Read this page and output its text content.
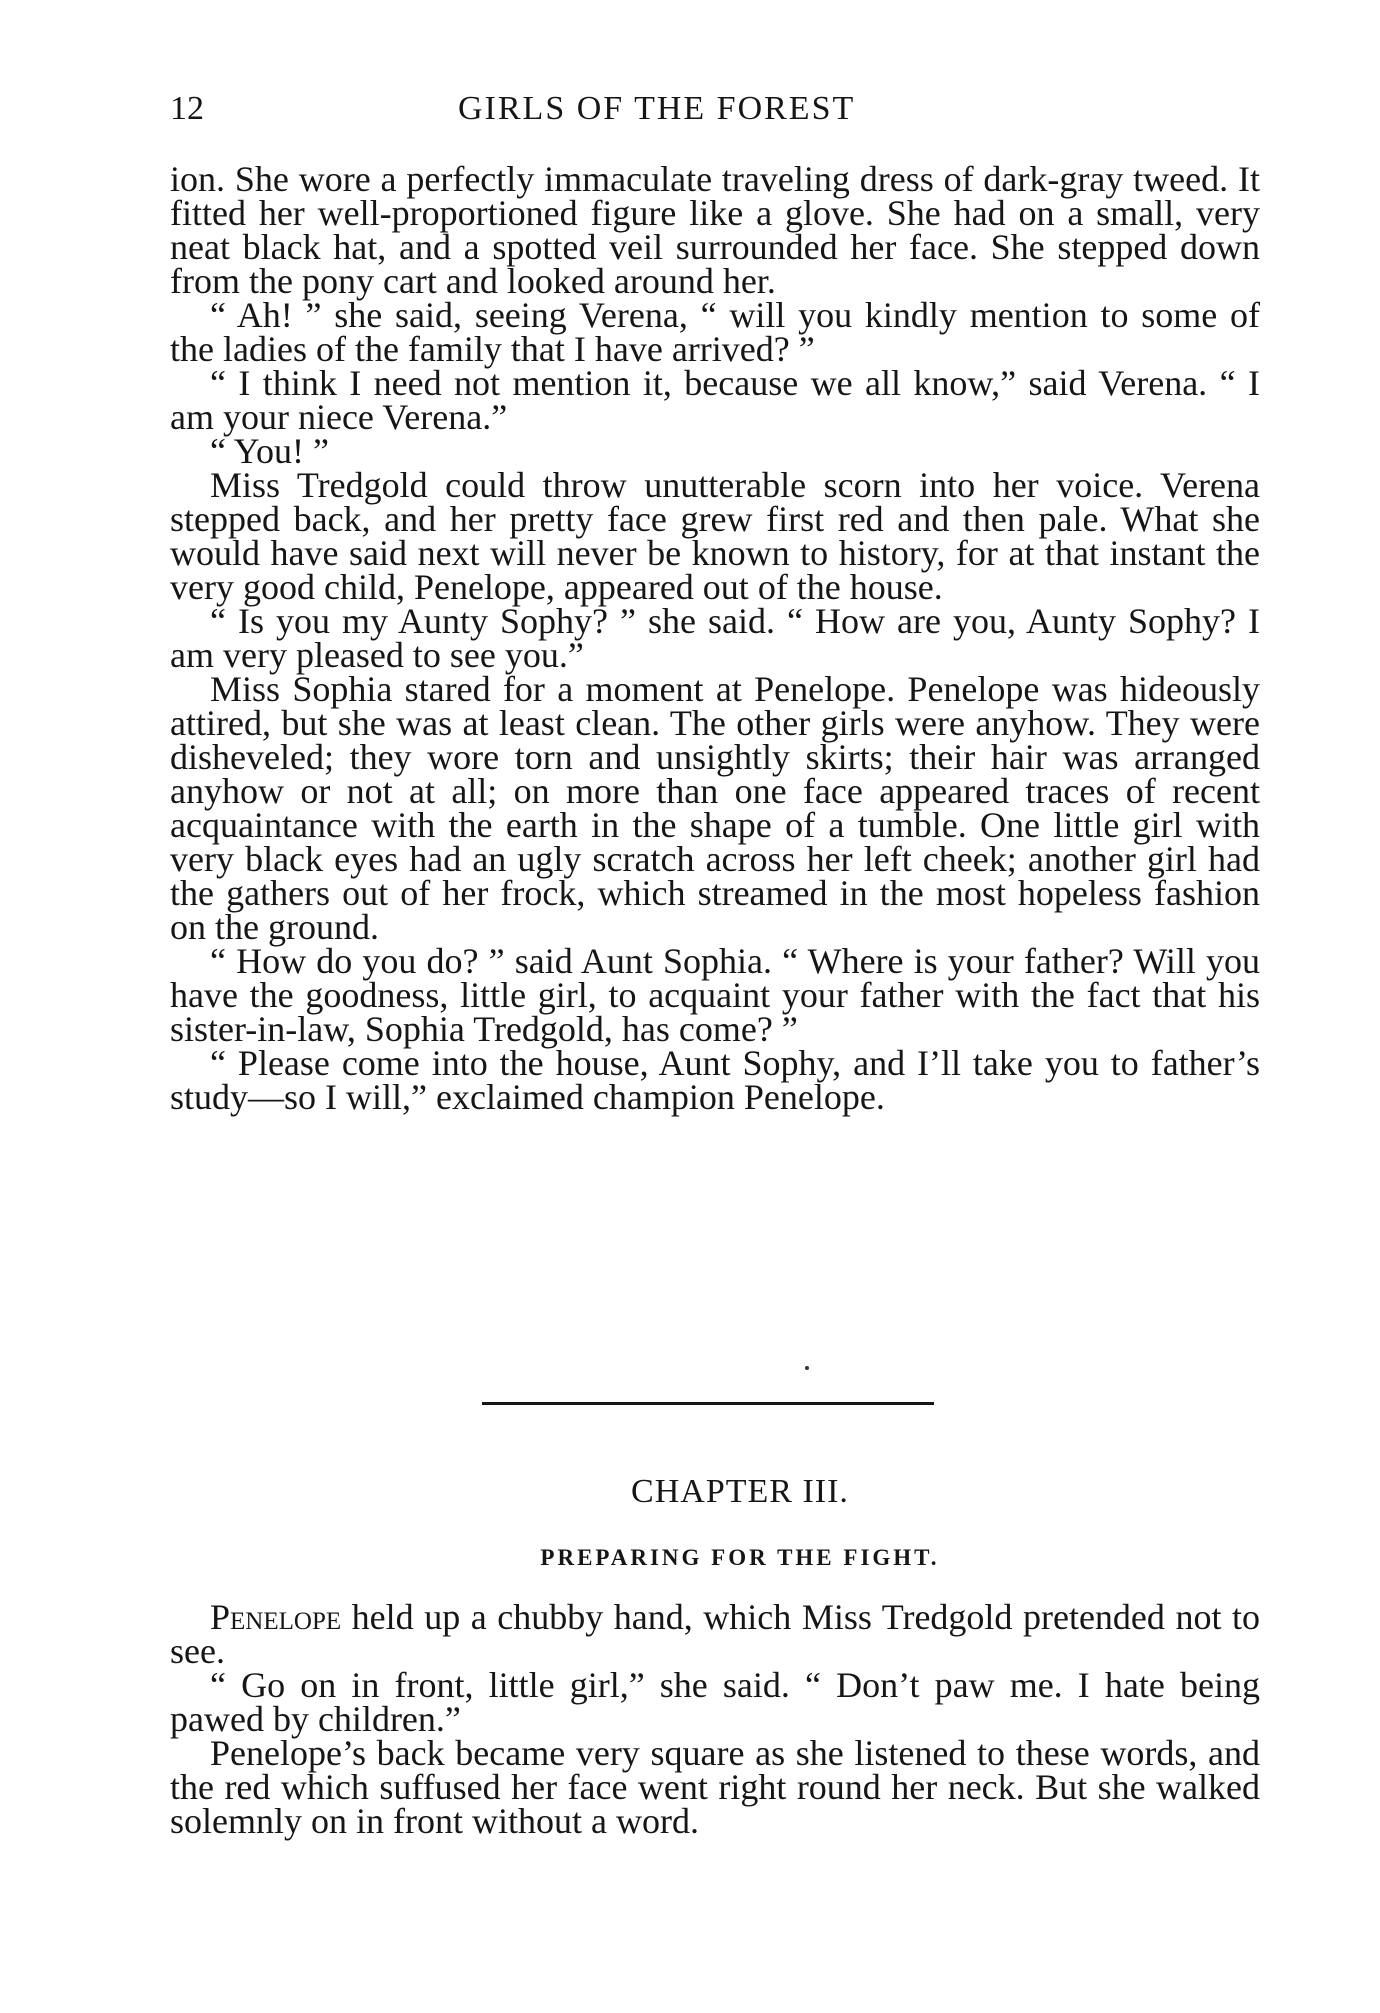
12	GIRLS OF THE FOREST

ion. She wore a perfectly immaculate traveling dress of dark-gray tweed. It fitted her well-proportioned figure like a glove. She had on a small, very neat black hat, and a spotted veil surrounded her face. She stepped down from the pony cart and looked around her.

“ Ah! ” she said, seeing Verena, “ will you kindly mention to some of the ladies of the family that I have arrived? ”

“ I think I need not mention it, because we all know,” said Verena. “ I am your niece Verena.”

“ You! ”

Miss Tredgold could throw unutterable scorn into her voice. Verena stepped back, and her pretty face grew first red and then pale. What she would have said next will never be known to history, for at that instant the very good child, Penelope, appeared out of the house.

“ Is you my Aunty Sophy? ” she said. “ How are you, Aunty Sophy? I am very pleased to see you.”

Miss Sophia stared for a moment at Penelope. Penelope was hideously attired, but she was at least clean. The other girls were anyhow. They were disheveled; they wore torn and unsightly skirts; their hair was arranged anyhow or not at all; on more than one face appeared traces of recent acquaintance with the earth in the shape of a tumble. One little girl with very black eyes had an ugly scratch across her left cheek; another girl had the gathers out of her frock, which streamed in the most hopeless fashion on the ground.

“ How do you do? ” said Aunt Sophia. “ Where is your father? Will you have the goodness, little girl, to acquaint your father with the fact that his sister-in-law, Sophia Tredgold, has come? ”

“ Please come into the house, Aunt Sophy, and I’ll take you to father’s study—so I will,” exclaimed champion Penelope.

CHAPTER III.
PREPARING FOR THE FIGHT.

Penelope held up a chubby hand, which Miss Tredgold pretended not to see.

“ Go on in front, little girl,” she said. “ Don’t paw me. I hate being pawed by children.”

Penelope’s back became very square as she listened to these words, and the red which suffused her face went right round her neck. But she walked solemnly on in front without a word.
